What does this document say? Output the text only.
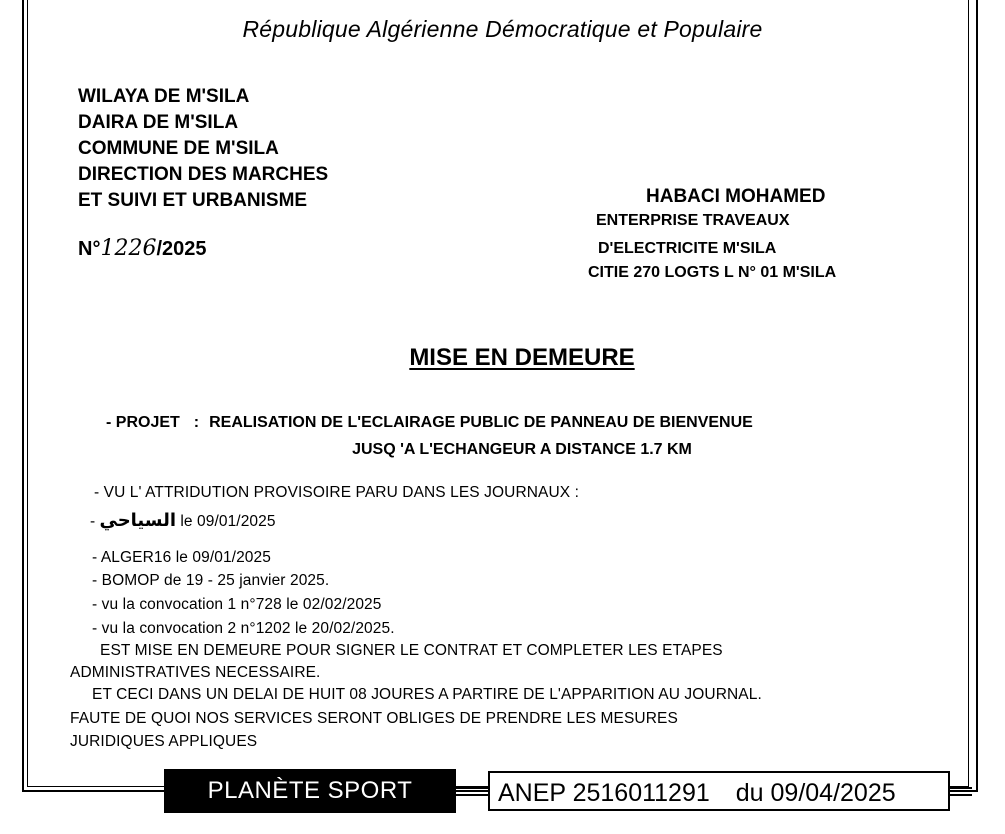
République Algérienne Démocratique et Populaire
WILAYA DE M'SILA
DAIRA DE M'SILA
COMMUNE DE M'SILA
DIRECTION DES MARCHES
ET SUIVI ET URBANISME
N°1226/2025
HABACI MOHAMED
ENTERPRISE TRAVEAUX
D'ELECTRICITE M'SILA
CITIE 270 LOGTS L N° 01 M'SILA
MISE EN DEMEURE
- PROJET : REALISATION DE L'ECLAIRAGE PUBLIC DE PANNEAU DE BIENVENUE
JUSQ 'A L'ECHANGEUR A DISTANCE 1.7 KM
- VU L' ATTRIDUTION PROVISOIRE PARU DANS LES JOURNAUX :
- السياحي le 09/01/2025
- ALGER16 le 09/01/2025
- BOMOP de 19 - 25 janvier 2025.
- vu la convocation 1 n°728 le 02/02/2025
- vu la convocation 2 n°1202 le 20/02/2025.
EST MISE EN DEMEURE POUR SIGNER LE CONTRAT ET COMPLETER LES ETAPES
ADMINISTRATIVES NECESSAIRE.
ET CECI DANS UN DELAI DE HUIT 08 JOURES A PARTIRE DE L'APPARITION AU JOURNAL.
FAUTE DE QUOI NOS SERVICES SERONT OBLIGES DE PRENDRE LES MESURES
JURIDIQUES APPLIQUES
PLANÈTE SPORT	ANEP 2516011291 du 09/04/2025
